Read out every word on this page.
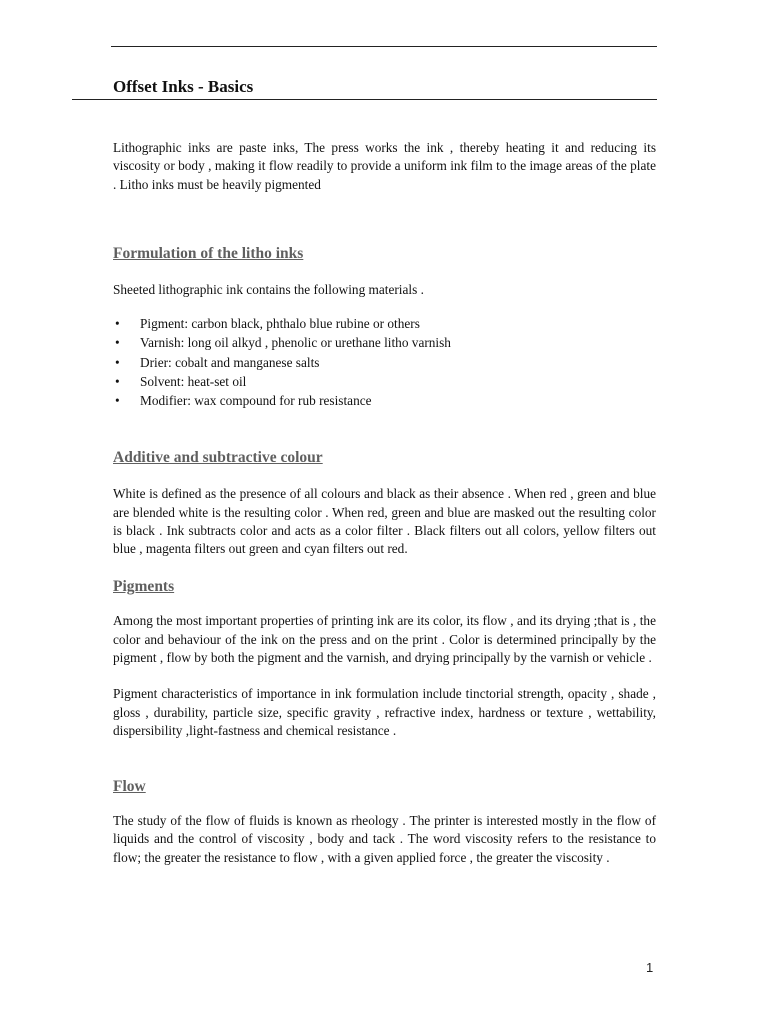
Offset Inks - Basics

Lithographic inks are paste inks, The press works the ink , thereby heating it and reducing its viscosity or body , making it flow readily to provide a uniform ink film to the image areas of the plate . Litho inks must be heavily pigmented

Formulation of the litho inks

Sheeted lithographic ink contains the following materials .

• Pigment: carbon black, phthalo blue rubine or others
• Varnish: long oil alkyd , phenolic or urethane litho varnish
• Drier: cobalt and manganese salts
• Solvent: heat-set oil
• Modifier: wax compound for rub resistance
Additive and subtractive colour

White is defined as the presence of all colours and black as their absence . When red , green and blue are blended white is the resulting color . When red, green and blue are masked out the resulting color is black . Ink subtracts color and acts as a color filter . Black filters out all colors, yellow filters out blue , magenta filters out green and cyan filters out red.

Pigments

Among the most important properties of printing ink are its color, its flow , and its drying ;that is , the color and behaviour of the ink on the press and on the print . Color is determined principally by the pigment , flow by both the pigment and the varnish, and drying principally by the varnish or vehicle .

Pigment characteristics of importance in ink formulation include tinctorial strength, opacity , shade , gloss , durability, particle size, specific gravity , refractive index, hardness or texture , wettability, dispersibility ,light-fastness and chemical resistance .

Flow

The study of the flow of fluids is known as rheology . The printer is interested mostly in the flow of liquids and the control of viscosity , body and tack . The word viscosity refers to the resistance to flow; the greater the resistance to flow , with a given applied force , the greater the viscosity .

1
